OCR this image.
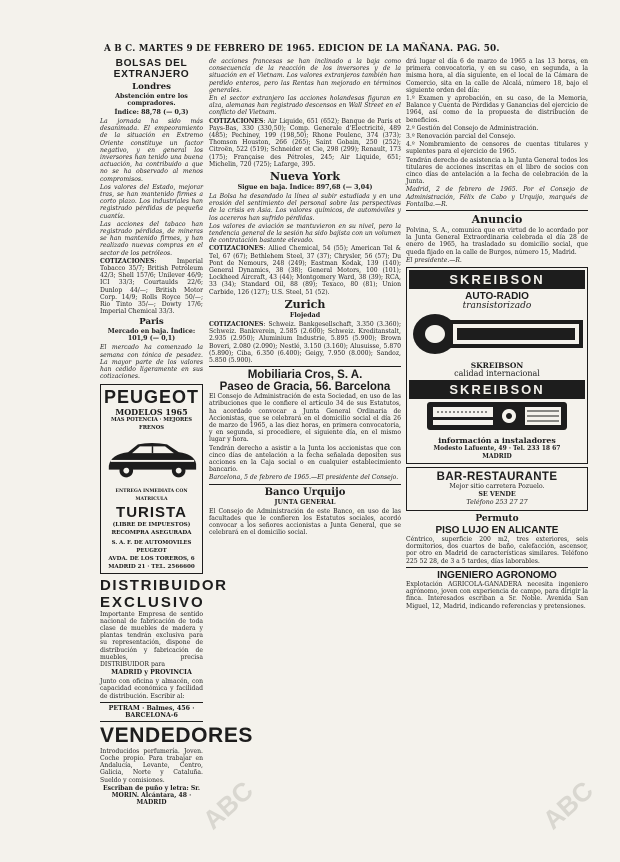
A B C. MARTES 9 DE FEBRERO DE 1965. EDICION DE LA MAÑANA. PAG. 50.
BOLSAS DEL EXTRANJERO
Londres
Abstención entre los compradores.
Índice: 88,78 (— 0,3)

La jornada ha sido más desanimada. El empeoramiento de la situación en Extremo Oriente constituye un factor negativo, y en general los inversores han tenido una buena actuación, ha contribuido a que no se ha observado al menos compromisos.

Los valores del Estado, mejorar tras, se han mantenido firmes a corto plazo. Los industriales han registrado pérdidas de pequeña cuantía.

Las acciones del tabaco han registrado pérdidas, de mineras se han mantenido firmes, y han realizado nuevas compras en el sector de los petróleos.

COTIZACIONES: Imperial Tobacco 35/7; British Petroleum 42/3; Shell 157/6; Unilever 46/9; ICI 33/3; Courtaulds 22/6; Dunlop 44/—; British Motor Corp. 14/9; Rolls Royce 50/—; Rio Tinto 35/—; Dowty 17/6; Imperial Chemical 33/3.

Paris
Mercado en baja. Índice: 101,9 (— 0,1)

El mercado ha comenzado la semana con tónica de pesadez. La mayor parte de los valores han cedido ligeramente en sus cotizaciones.

PEUGEOT
MODELOS 1965
MAS POTENCIA · MEJORES FRENOS
ENTREGA INMEDIATA CON MATRICULA
TURISTA
(LIBRE DE IMPUESTOS)
RECOMPRA ASEGURADA
S. A. F. DE AUTOMOVILES PEUGEOT
AVDA. DE LOS TOREROS, 6
MADRID 21 · TEL. 2566600
DISTRIBUIDOR
EXCLUSIVO

Importante Empresa de sentido nacional de fabricación de toda clase de muebles de madera y plantas tendrán exclusiva para su representación, dispone de distribución y fabricación de muebles, precisa DISTRIBUIDOR para

MADRID y PROVINCIA

Junto con oficina y almacén, con capacidad económica y facilidad de distribución. Escribir al:

PETRAM · Balmes, 456 · BARCELONA-6
VENDEDORES

Introducidos perfumería. Joven. Coche propio. Para trabajar en Andalucía, Levante, Centro, Galicia, Norte y Cataluña. Sueldo y comisiones.

Escriban de puño y letra: Sr. MORIN. Alcántara, 48 · MADRID

de acciones francesas se han inclinado a la baja como consecuencia de la reacción de los inversores y de la situación en el Vietnam. Los valores extranjeros también han perdido enteros, pero las Rentas han mejorado en términos generales.

En el sector extranjero las acciones holandesas figuran en alza, alemanas han registrado descensos en Wall Street en el conflicto del Vietnam.

COTIZACIONES: Air Liquide, 651 (652); Banque de Paris et Pays-Bas, 330 (330,50); Comp. Generale d'Electricité, 489 (485); Pechiney, 199 (198,50); Rhone Poulenc, 374 (373); Thomson Houston, 266 (265); Saint Gobain, 250 (252); Citroën, 522 (519); Schneider et Cie, 298 (299); Renault, 173 (175); Française des Pétroles, 245; Air Liquide, 651; Michelin, 720 (725); Lafarge, 395.

Nueva York
Sigue en baja. Índice: 897,68 (— 3,04)

La Bolsa ha desandado la línea al subir estudiada y en una erosión del sentimiento del personal sobre las perspectivas de la crisis en Asia. Los valores químicos, de automóviles y los acereros han sufrido pérdidas.

Los valores de aviación se mantuvieron en su nivel, pero la tendencia general de la sesión ha sido bajista con un volumen de contratación bastante elevado.

COTIZACIONES: Allied Chemical, 54 (55); American Tel & Tel, 67 (67); Bethlehem Steel, 37 (37); Chrysler, 56 (57); Du Pont de Nemours, 248 (249); Eastman Kodak, 139 (140); General Dynamics, 38 (38); General Motors, 100 (101); Lockheed Aircraft, 43 (44); Montgomery Ward, 38 (39); RCA, 33 (34); Standard Oil, 88 (89); Texaco, 80 (81); Union Carbide, 126 (127); U.S. Steel, 51 (52).

Zurich
Flojedad

COTIZACIONES: Schweiz. Bankgesellschaft, 3.350 (3.360); Schweiz. Bankverein, 2.585 (2.600); Schweiz. Kreditanstalt, 2.935 (2.950); Aluminium Industrie, 5.895 (5.900); Brown Boveri, 2.080 (2.090); Nestlé, 3.150 (3.160); Alusuisse, 5.870 (5.890); Ciba, 6.350 (6.400); Geigy, 7.950 (8.000); Sandoz, 5.850 (5.900).

Mobiliaria Cros, S. A.
Paseo de Gracia, 56. Barcelona

El Consejo de Administración de esta Sociedad, en uso de las atribuciones que le confiere el artículo 34 de sus Estatutos, ha acordado convocar a Junta General Ordinaria de Accionistas, que se celebrará en el domicilio social el día 26 de marzo de 1965, a las diez horas, en primera convocatoria, y en segunda, si procediere, el siguiente día, en el mismo lugar y hora.

Tendrán derecho a asistir a la Junta los accionistas que con cinco días de antelación a la fecha señalada depositen sus acciones en la Caja social o en cualquier establecimiento bancario.

Barcelona, 5 de febrero de 1965.—El presidente del Consejo.

Banco Urquijo
JUNTA GENERAL

El Consejo de Administración de este Banco, en uso de las facultades que le confieren los Estatutos sociales, acordó convocar a los señores accionistas a Junta General, que se celebrará en el domicilio social.

drá lugar el día 6 de marzo de 1965 a las 13 horas, en primera convocatoria, y en su caso, en segunda, a la misma hora, al día siguiente, en el local de la Cámara de Comercio, sita en la calle de Alcalá, número 18, bajo el siguiente orden del día:

1.º Examen y aprobación, en su caso, de la Memoria, Balance y Cuenta de Pérdidas y Ganancias del ejercicio de 1964, así como de la propuesta de distribución de beneficios.

2.º Gestión del Consejo de Administración.

3.º Renovación parcial del Consejo.

4.º Nombramiento de censores de cuentas titulares y suplentes para el ejercicio de 1965.

Tendrán derecho de asistencia a la Junta General todos los titulares de acciones inscritas en el libro de socios con cinco días de antelación a la fecha de celebración de la Junta.

Madrid, 2 de febrero de 1965. Por el Consejo de Administración, Félix de Cabo y Urquijo, marqués de Fontalba.—R.

Anuncio

Polvina, S. A., comunica que en virtud de lo acordado por la Junta General Extraordinaria celebrada el día 28 de enero de 1965, ha trasladado su domicilio social, que queda fijado en la calle de Burgos, número 15, Madrid.

El presidente.—R.

SKREIBSON
AUTO-RADIO
transistorizado
SKREIBSON
calidad internacional
SKREIBSON
información a instaladores
Modesto Lafuente, 49 · Tel. 233 18 67
MADRID
BAR-RESTAURANTE
Mejor sitio carretera Pozuelo.
SE VENDE
Teléfono 253 27 27
Permuto
PISO LUJO EN ALICANTE

Céntrico, superficie 200 m2, tres exteriores, seis dormitorios, dos cuartos de baño, calefacción, ascensor, por otro en Madrid de características similares. Teléfono 225 52 28, de 3 a 5 tardes, días laborables.

INGENIERO AGRONOMO

Explotación AGRICOLA-GANADERA necesita ingeniero agrónomo, joven con experiencia de campo, para dirigir la finca. Interesados escriban a Sr. Noble. Avenida San Miguel, 12, Madrid, indicando referencias y pretensiones.

ABC	ABC
